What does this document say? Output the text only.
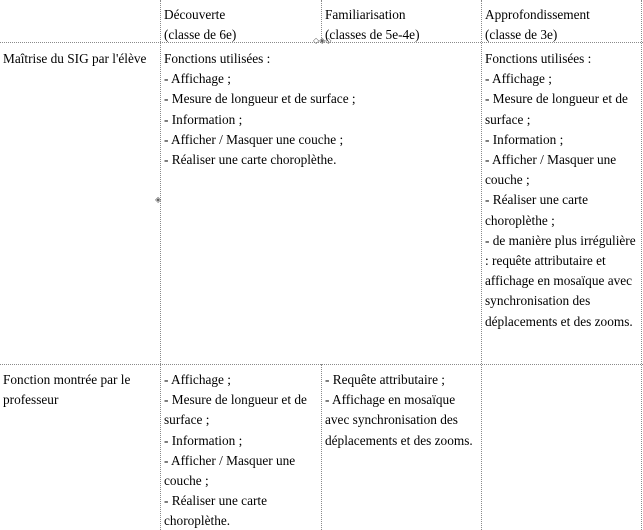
◇◈◇
◈
Découverte
(classe de 6e)
Familiarisation
(classes de 5e-4e)
Approfondissement
(classe de 3e)
Maîtrise du SIG par l'élève	Fonctions utilisées :
- Affichage ;
- Mesure de longueur et de surface ;
- Information ;
- Afficher / Masquer une couche ;
- Réaliser une carte choroplèthe.
Fonctions utilisées :
- Affichage ;
- Mesure de longueur et de surface ;
- Information ;
- Afficher / Masquer une couche ;
- Réaliser une carte choroplèthe ;
- de manière plus irrégulière : requête attributaire et affichage en mosaïque avec synchronisation des déplacements et des zooms.
Fonction montrée par le professeur
- Affichage ;
- Mesure de longueur et de surface ;
- Information ;
- Afficher / Masquer une couche ;
- Réaliser une carte choroplèthe.
- Requête attributaire ;
- Affichage en mosaïque avec synchronisation des déplacements et des zooms.
